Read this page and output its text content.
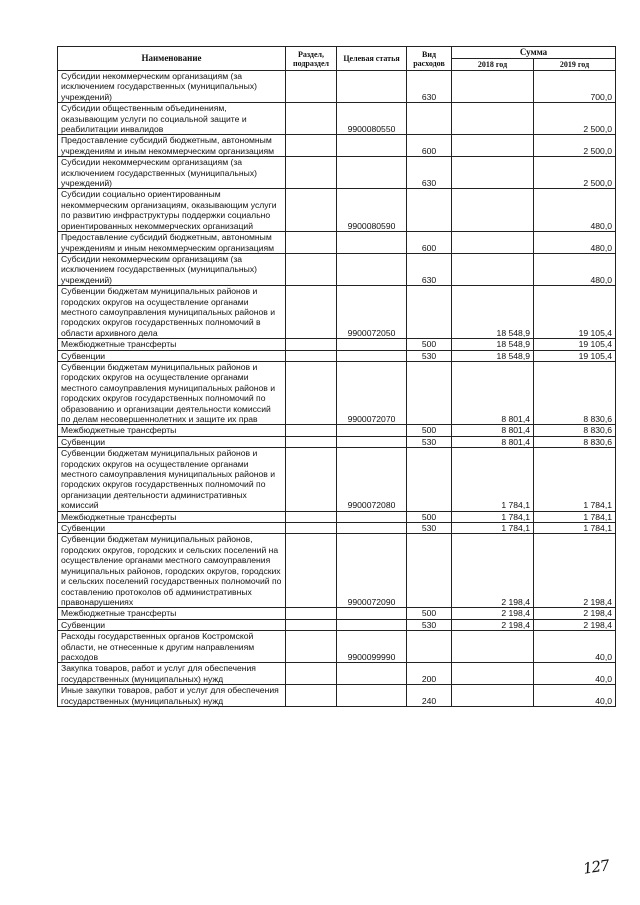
Наименование	Раздел, подраздел	Целевая статья	Вид расходов	Сумма	
				2018 год	2019 год
Субсидии некоммерческим организациям (за исключением государственных (муниципальных) учреждений)			630		700,0
Субсидии общественным объединениям, оказывающим услуги по социальной защите и реабилитации инвалидов		9900080550			2 500,0
Предоставление субсидий бюджетным, автономным учреждениям и иным некоммерческим организациям			600		2 500,0
Субсидии некоммерческим организациям (за исключением государственных (муниципальных) учреждений)			630		2 500,0
Субсидии социально ориентированным некоммерческим организациям, оказывающим услуги по развитию инфраструктуры поддержки социально ориентированных некоммерческих организаций		9900080590			480,0
Предоставление субсидий бюджетным, автономным учреждениям и иным некоммерческим организациям			600		480,0
Субсидии некоммерческим организациям (за исключением государственных (муниципальных) учреждений)			630		480,0
Субвенции бюджетам муниципальных районов и городских округов на осуществление органами местного самоуправления муниципальных районов и городских округов государственных полномочий в области архивного дела		9900072050		18 548,9	19 105,4
Межбюджетные трансферты			500	18 548,9	19 105,4
Субвенции			530	18 548,9	19 105,4
Субвенции бюджетам муниципальных районов и городских округов на осуществление органами местного самоуправления муниципальных районов и городских округов государственных полномочий по образованию и организации деятельности комиссий по делам несовершеннолетних и защите их прав		9900072070		8 801,4	8 830,6
Межбюджетные трансферты			500	8 801,4	8 830,6
Субвенции			530	8 801,4	8 830,6
Субвенции бюджетам муниципальных районов и городских округов на осуществление органами местного самоуправления муниципальных районов и городских округов государственных полномочий по организации деятельности административных комиссий		9900072080		1 784,1	1 784,1
Межбюджетные трансферты			500	1 784,1	1 784,1
Субвенции			530	1 784,1	1 784,1
Субвенции бюджетам муниципальных районов, городских округов, городских и сельских поселений на осуществление органами местного самоуправления муниципальных районов, городских округов, городских и сельских поселений государственных полномочий по составлению протоколов об административных правонарушениях		9900072090		2 198,4	2 198,4
Межбюджетные трансферты			500	2 198,4	2 198,4
Субвенции			530	2 198,4	2 198,4
Расходы государственных органов Костромской области, не отнесенные к другим направлениям расходов		9900099990			40,0
Закупка товаров, работ и услуг для обеспечения государственных (муниципальных) нужд			200		40,0
Иные закупки товаров, работ и услуг для обеспечения государственных (муниципальных) нужд			240		40,0
127
